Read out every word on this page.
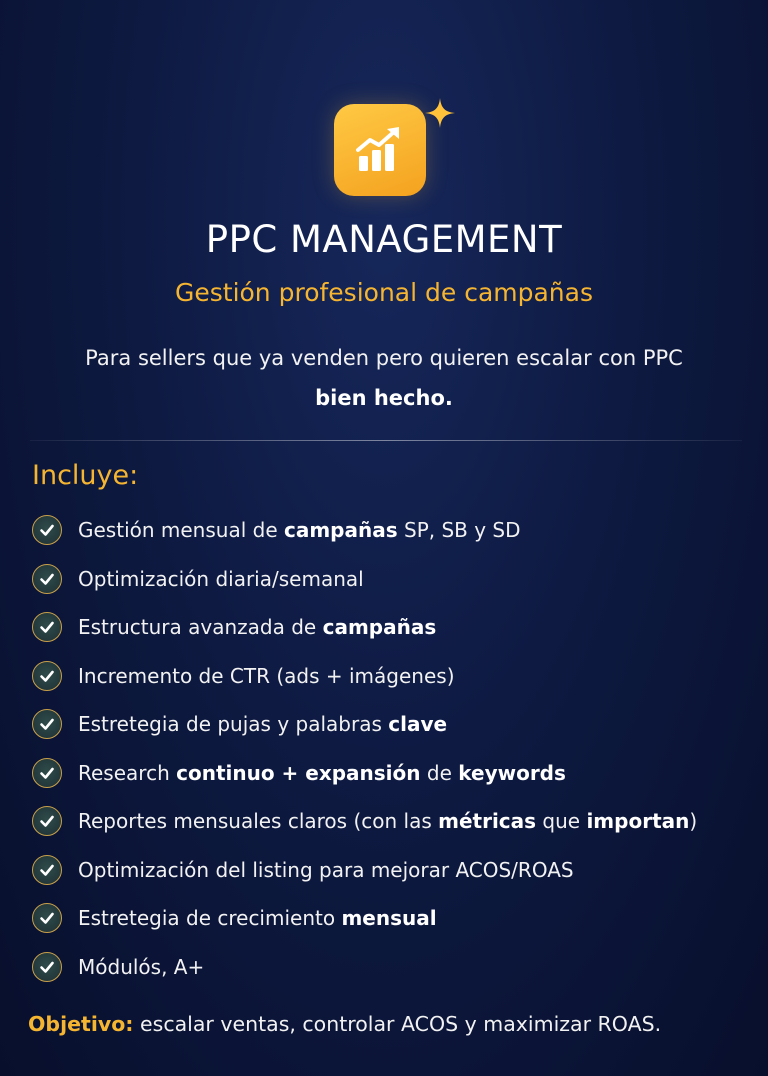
PPC MANAGEMENT
Gestión profesional de campañas
Para sellers que ya venden pero quieren escalar con PPC
bien hecho.
Incluye:
Gestión mensual de campañas SP, SB y SD
Optimización diaria/semanal
Estructura avanzada de campañas
Incremento de CTR (ads + imágenes)
Estretegia de pujas y palabras clave
Research continuo + expansión de keywords
Reportes mensuales claros (con las métricas que importan)
Optimización del listing para mejorar ACOS/ROAS
Estretegia de crecimiento mensual
Módulós, A+
Objetivo: escalar ventas, controlar ACOS y maximizar ROAS.
